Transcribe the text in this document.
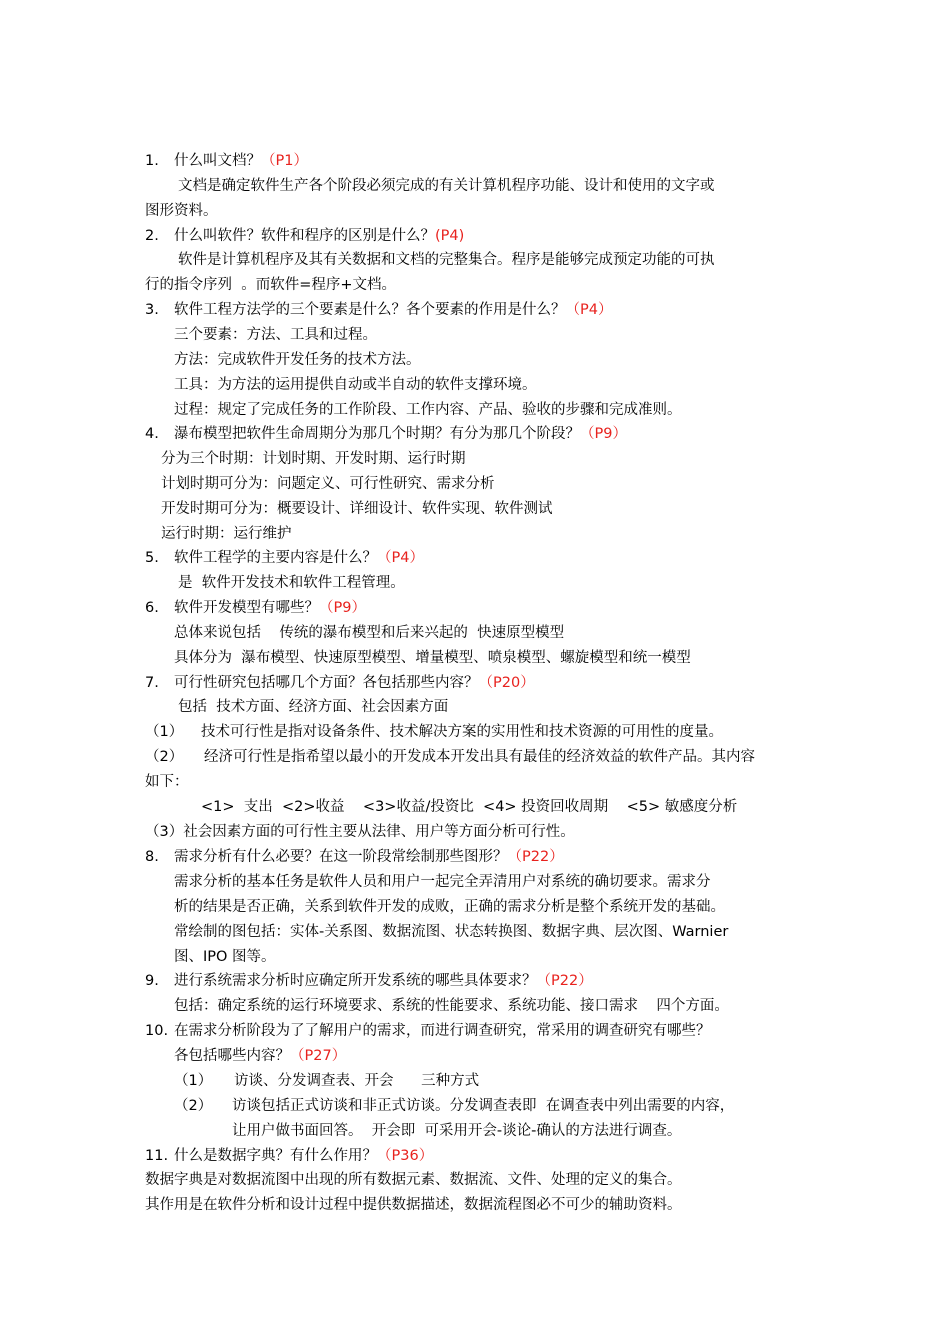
1. 什么叫文档？（P1）
文档是确定软件生产各个阶段必须完成的有关计算机程序功能、设计和使用的文字或
图形资料。
2. 什么叫软件？软件和程序的区别是什么？(P4)
软件是计算机程序及其有关数据和文档的完整集合。程序是能够完成预定功能的可执
行的指令序列  。而软件=程序+文档。
3. 软件工程方法学的三个要素是什么？各个要素的作用是什么？（P4）
三个要素：方法、工具和过程。
方法：完成软件开发任务的技术方法。
工具：为方法的运用提供自动或半自动的软件支撑环境。
过程：规定了完成任务的工作阶段、工作内容、产品、验收的步骤和完成准则。
4. 瀑布模型把软件生命周期分为那几个时期？有分为那几个阶段？（P9）
分为三个时期：计划时期、开发时期、运行时期
计划时期可分为：问题定义、可行性研究、需求分析
开发时期可分为：概要设计、详细设计、软件实现、软件测试
运行时期：运行维护
5. 软件工程学的主要内容是什么？（P4）
是  软件开发技术和软件工程管理。
6. 软件开发模型有哪些？（P9）
总体来说包括    传统的瀑布模型和后来兴起的  快速原型模型
具体分为  瀑布模型、快速原型模型、增量模型、喷泉模型、螺旋模型和统一模型
7. 可行性研究包括哪几个方面？各包括那些内容？（P20）
包括  技术方面、经济方面、社会因素方面
（1） 技术可行性是指对设备条件、技术解决方案的实用性和技术资源的可用性的度量。
（2） 经济可行性是指希望以最小的开发成本开发出具有最佳的经济效益的软件产品。其内容
如下：
<1>  支出  <2>收益    <3>收益/投资比  <4> 投资回收周期    <5> 敏感度分析
（3）社会因素方面的可行性主要从法律、用户等方面分析可行性。
8. 需求分析有什么必要？在这一阶段常绘制那些图形？（P22）
需求分析的基本任务是软件人员和用户一起完全弄清用户对系统的确切要求。需求分
析的结果是否正确，关系到软件开发的成败，正确的需求分析是整个系统开发的基础。
常绘制的图包括：实体-关系图、数据流图、状态转换图、数据字典、层次图、Warnier
图、IPO 图等。
9. 进行系统需求分析时应确定所开发系统的哪些具体要求？（P22）
包括：确定系统的运行环境要求、系统的性能要求、系统功能、接口需求    四个方面。
10. 在需求分析阶段为了了解用户的需求，而进行调查研究，常采用的调查研究有哪些？
各包括哪些内容？（P27）
（1） 访谈、分发调查表、开会      三种方式
（2） 访谈包括正式访谈和非正式访谈。分发调查表即  在调查表中列出需要的内容，
让用户做书面回答。  开会即  可采用开会-谈论-确认的方法进行调查。
11. 什么是数据字典？有什么作用？（P36）
数据字典是对数据流图中出现的所有数据元素、数据流、文件、处理的定义的集合。
其作用是在软件分析和设计过程中提供数据描述，数据流程图必不可少的辅助资料。
